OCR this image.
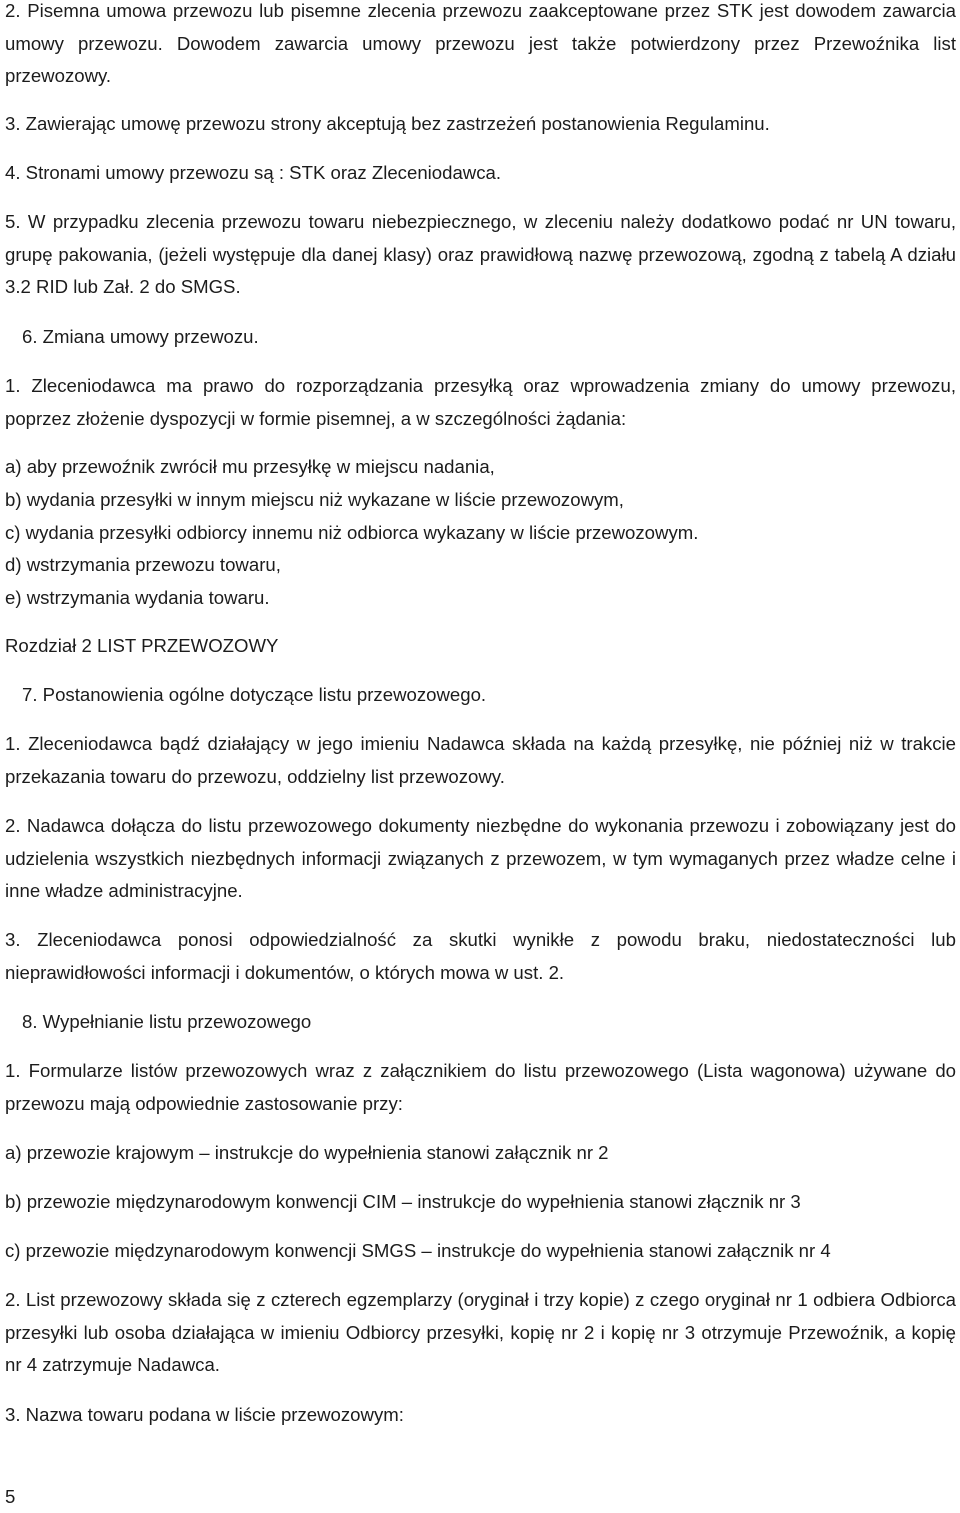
2. Pisemna umowa przewozu lub pisemne zlecenia przewozu zaakceptowane przez STK jest dowodem zawarcia umowy przewozu. Dowodem zawarcia umowy przewozu jest także potwierdzony przez Przewoźnika list przewozowy.

3. Zawierając umowę przewozu strony akceptują bez zastrzeżeń postanowienia Regulaminu.

4. Stronami umowy przewozu są : STK oraz Zleceniodawca.

5. W przypadku zlecenia przewozu towaru niebezpiecznego, w zleceniu należy dodatkowo podać nr UN towaru, grupę pakowania, (jeżeli występuje dla danej klasy) oraz prawidłową nazwę przewozową, zgodną z tabelą A działu 3.2 RID lub Zał. 2 do SMGS.

6. Zmiana umowy przewozu.

1. Zleceniodawca ma prawo do rozporządzania przesyłką oraz wprowadzenia zmiany do umowy przewozu, poprzez złożenie dyspozycji w formie pisemnej, a w szczególności żądania:

a) aby przewoźnik zwrócił mu przesyłkę w miejscu nadania,

b) wydania przesyłki w innym miejscu niż wykazane w liście przewozowym,

c) wydania przesyłki odbiorcy innemu niż odbiorca wykazany w liście przewozowym.

d) wstrzymania przewozu towaru,

e) wstrzymania wydania towaru.

Rozdział 2 LIST PRZEWOZOWY

7. Postanowienia ogólne dotyczące listu przewozowego.

1. Zleceniodawca bądź działający w jego imieniu Nadawca składa na każdą przesyłkę, nie później niż w trakcie przekazania towaru do przewozu, oddzielny list przewozowy.

2. Nadawca dołącza do listu przewozowego dokumenty niezbędne do wykonania przewozu i zobowiązany jest do udzielenia wszystkich niezbędnych informacji związanych z przewozem, w tym wymaganych przez władze celne i inne władze administracyjne.

3. Zleceniodawca ponosi odpowiedzialność za skutki wynikłe z powodu braku, niedostateczności lub nieprawidłowości informacji i dokumentów, o których mowa w ust. 2.

8. Wypełnianie listu przewozowego

1. Formularze listów przewozowych wraz z załącznikiem do listu przewozowego (Lista wagonowa) używane do przewozu mają odpowiednie zastosowanie przy:

a) przewozie krajowym – instrukcje do wypełnienia stanowi załącznik nr 2

b) przewozie międzynarodowym konwencji CIM – instrukcje do wypełnienia stanowi złącznik nr 3

c) przewozie międzynarodowym konwencji SMGS – instrukcje do wypełnienia stanowi załącznik nr 4

2. List przewozowy składa się z czterech egzemplarzy (oryginał i trzy kopie) z czego oryginał nr 1 odbiera Odbiorca przesyłki lub osoba działająca w imieniu Odbiorcy przesyłki, kopię nr 2 i kopię nr 3 otrzymuje Przewoźnik, a kopię nr 4 zatrzymuje Nadawca.

3. Nazwa towaru podana w liście przewozowym:

5
